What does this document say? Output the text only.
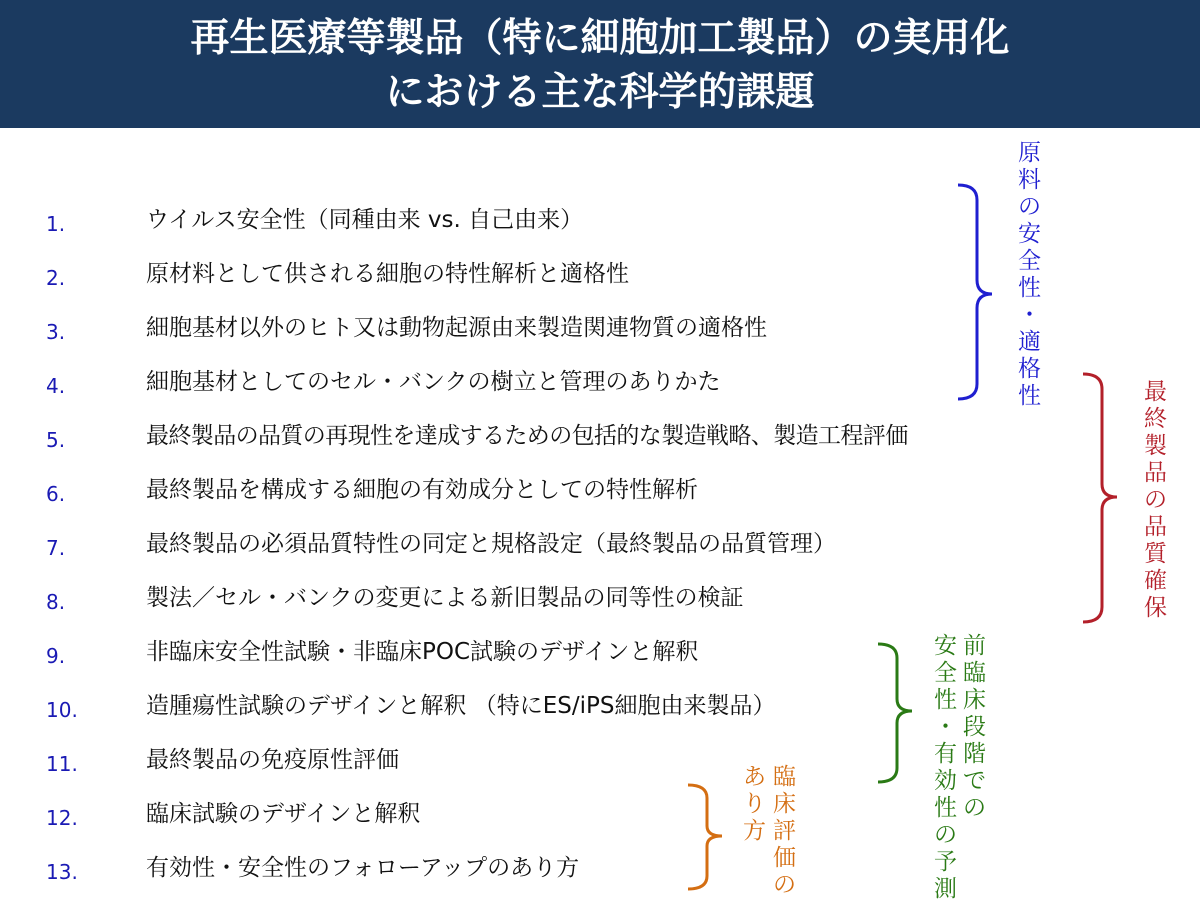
再生医療等製品（特に細胞加工製品）の実用化
における主な科学的課題
1.	ウイルス安全性（同種由来 vs. 自己由来）
2.	原材料として供される細胞の特性解析と適格性
3.	細胞基材以外のヒト又は動物起源由来製造関連物質の適格性
4.	細胞基材としてのセル・バンクの樹立と管理のありかた
5.	最終製品の品質の再現性を達成するための包括的な製造戦略、製造工程評価
6.	最終製品を構成する細胞の有効成分としての特性解析
7.	最終製品の必須品質特性の同定と規格設定（最終製品の品質管理）
8.	製法／セル・バンクの変更による新旧製品の同等性の検証
9.	非臨床安全性試験・非臨床POC試験のデザインと解釈
10.	造腫瘍性試験のデザインと解釈 （特にES/iPS細胞由来製品）
11.	最終製品の免疫原性評価
12.	臨床試験のデザインと解釈
13.	有効性・安全性のフォローアップのあり方
原
料
の
安
全
性
・
適
格
性	最
終
製
品
の
品
質
確
保
前
臨
床
段
階
で
の
安
全
性
・
有
効
性
の
予
測
臨
床
評
価
の
あ
り
方
